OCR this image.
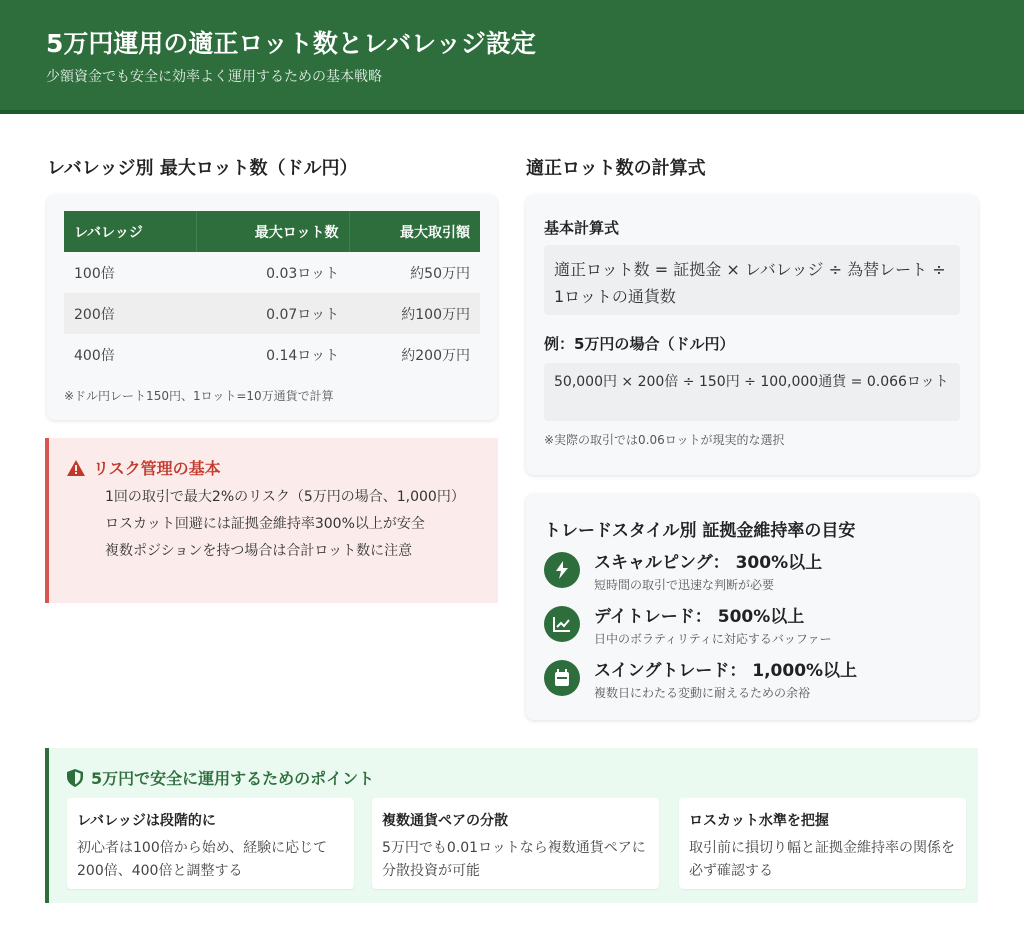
5万円運用の適正ロット数とレバレッジ設定

少額資金でも安全に効率よく運用するための基本戦略

レバレッジ別 最大ロット数（ドル円）
レバレッジ	最大ロット数	最大取引額
100倍	0.03ロット	約50万円
200倍	0.07ロット	約100万円
400倍	0.14ロット	約200万円
※ドル円レート150円、1ロット=10万通貨で計算
リスク管理の基本
1回の取引で最大2%のリスク（5万円の場合、1,000円）
ロスカット回避には証拠金維持率300%以上が安全
複数ポジションを持つ場合は合計ロット数に注意
適正ロット数の計算式
基本計算式
適正ロット数 = 証拠金 × レバレッジ ÷ 為替レート ÷ 1ロットの通貨数
例：5万円の場合（ドル円）
50,000円 × 200倍 ÷ 150円 ÷ 100,000通貨 = 0.066ロット
※実際の取引では0.06ロットが現実的な選択
トレードスタイル別 証拠金維持率の目安
スキャルピング： 300%以上
短時間の取引で迅速な判断が必要
デイトレード： 500%以上
日中のボラティリティに対応するバッファー
スイングトレード： 1,000%以上
複数日にわたる変動に耐えるための余裕
5万円で安全に運用するためのポイント
レバレッジは段階的に
初心者は100倍から始め、経験に応じて200倍、400倍と調整する
複数通貨ペアの分散
5万円でも0.01ロットなら複数通貨ペアに分散投資が可能
ロスカット水準を把握
取引前に損切り幅と証拠金維持率の関係を必ず確認する
